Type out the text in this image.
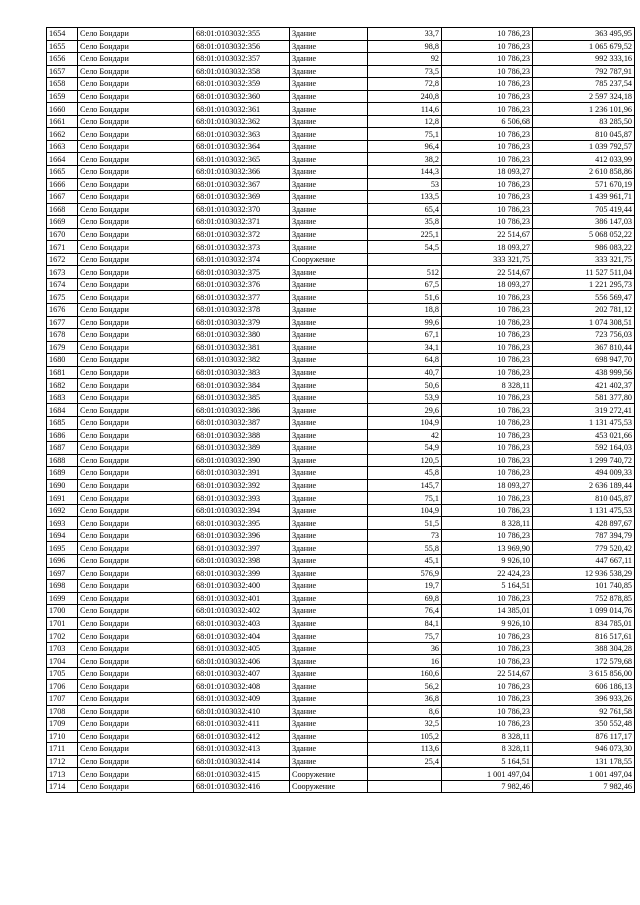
1654	Село Бондари	68:01:0103032:355	Здание	33,7	10 786,23	363 495,95
1655	Село Бондари	68:01:0103032:356	Здание	98,8	10 786,23	1 065 679,52
1656	Село Бондари	68:01:0103032:357	Здание	92	10 786,23	992 333,16
1657	Село Бондари	68:01:0103032:358	Здание	73,5	10 786,23	792 787,91
1658	Село Бондари	68:01:0103032:359	Здание	72,8	10 786,23	785 237,54
1659	Село Бондари	68:01:0103032:360	Здание	240,8	10 786,23	2 597 324,18
1660	Село Бондари	68:01:0103032:361	Здание	114,6	10 786,23	1 236 101,96
1661	Село Бондари	68:01:0103032:362	Здание	12,8	6 506,68	83 285,50
1662	Село Бондари	68:01:0103032:363	Здание	75,1	10 786,23	810 045,87
1663	Село Бондари	68:01:0103032:364	Здание	96,4	10 786,23	1 039 792,57
1664	Село Бондари	68:01:0103032:365	Здание	38,2	10 786,23	412 033,99
1665	Село Бондари	68:01:0103032:366	Здание	144,3	18 093,27	2 610 858,86
1666	Село Бондари	68:01:0103032:367	Здание	53	10 786,23	571 670,19
1667	Село Бондари	68:01:0103032:369	Здание	133,5	10 786,23	1 439 961,71
1668	Село Бондари	68:01:0103032:370	Здание	65,4	10 786,23	705 419,44
1669	Село Бондари	68:01:0103032:371	Здание	35,8	10 786,23	386 147,03
1670	Село Бондари	68:01:0103032:372	Здание	225,1	22 514,67	5 068 052,22
1671	Село Бондари	68:01:0103032:373	Здание	54,5	18 093,27	986 083,22
1672	Село Бондари	68:01:0103032:374	Сооружение		333 321,75	333 321,75
1673	Село Бондари	68:01:0103032:375	Здание	512	22 514,67	11 527 511,04
1674	Село Бондари	68:01:0103032:376	Здание	67,5	18 093,27	1 221 295,73
1675	Село Бондари	68:01:0103032:377	Здание	51,6	10 786,23	556 569,47
1676	Село Бондари	68:01:0103032:378	Здание	18,8	10 786,23	202 781,12
1677	Село Бондари	68:01:0103032:379	Здание	99,6	10 786,23	1 074 308,51
1678	Село Бондари	68:01:0103032:380	Здание	67,1	10 786,23	723 756,03
1679	Село Бондари	68:01:0103032:381	Здание	34,1	10 786,23	367 810,44
1680	Село Бондари	68:01:0103032:382	Здание	64,8	10 786,23	698 947,70
1681	Село Бондари	68:01:0103032:383	Здание	40,7	10 786,23	438 999,56
1682	Село Бондари	68:01:0103032:384	Здание	50,6	8 328,11	421 402,37
1683	Село Бондари	68:01:0103032:385	Здание	53,9	10 786,23	581 377,80
1684	Село Бондари	68:01:0103032:386	Здание	29,6	10 786,23	319 272,41
1685	Село Бондари	68:01:0103032:387	Здание	104,9	10 786,23	1 131 475,53
1686	Село Бондари	68:01:0103032:388	Здание	42	10 786,23	453 021,66
1687	Село Бондари	68:01:0103032:389	Здание	54,9	10 786,23	592 164,03
1688	Село Бондари	68:01:0103032:390	Здание	120,5	10 786,23	1 299 740,72
1689	Село Бондари	68:01:0103032:391	Здание	45,8	10 786,23	494 009,33
1690	Село Бондари	68:01:0103032:392	Здание	145,7	18 093,27	2 636 189,44
1691	Село Бондари	68:01:0103032:393	Здание	75,1	10 786,23	810 045,87
1692	Село Бондари	68:01:0103032:394	Здание	104,9	10 786,23	1 131 475,53
1693	Село Бондари	68:01:0103032:395	Здание	51,5	8 328,11	428 897,67
1694	Село Бондари	68:01:0103032:396	Здание	73	10 786,23	787 394,79
1695	Село Бондари	68:01:0103032:397	Здание	55,8	13 969,90	779 520,42
1696	Село Бондари	68:01:0103032:398	Здание	45,1	9 926,10	447 667,11
1697	Село Бондари	68:01:0103032:399	Здание	576,9	22 424,23	12 936 538,29
1698	Село Бондари	68:01:0103032:400	Здание	19,7	5 164,51	101 740,85
1699	Село Бондари	68:01:0103032:401	Здание	69,8	10 786,23	752 878,85
1700	Село Бондари	68:01:0103032:402	Здание	76,4	14 385,01	1 099 014,76
1701	Село Бондари	68:01:0103032:403	Здание	84,1	9 926,10	834 785,01
1702	Село Бондари	68:01:0103032:404	Здание	75,7	10 786,23	816 517,61
1703	Село Бондари	68:01:0103032:405	Здание	36	10 786,23	388 304,28
1704	Село Бондари	68:01:0103032:406	Здание	16	10 786,23	172 579,68
1705	Село Бондари	68:01:0103032:407	Здание	160,6	22 514,67	3 615 856,00
1706	Село Бондари	68:01:0103032:408	Здание	56,2	10 786,23	606 186,13
1707	Село Бондари	68:01:0103032:409	Здание	36,8	10 786,23	396 933,26
1708	Село Бондари	68:01:0103032:410	Здание	8,6	10 786,23	92 761,58
1709	Село Бондари	68:01:0103032:411	Здание	32,5	10 786,23	350 552,48
1710	Село Бондари	68:01:0103032:412	Здание	105,2	8 328,11	876 117,17
1711	Село Бондари	68:01:0103032:413	Здание	113,6	8 328,11	946 073,30
1712	Село Бондари	68:01:0103032:414	Здание	25,4	5 164,51	131 178,55
1713	Село Бондари	68:01:0103032:415	Сооружение		1 001 497,04	1 001 497,04
1714	Село Бондари	68:01:0103032:416	Сооружение		7 982,46	7 982,46
